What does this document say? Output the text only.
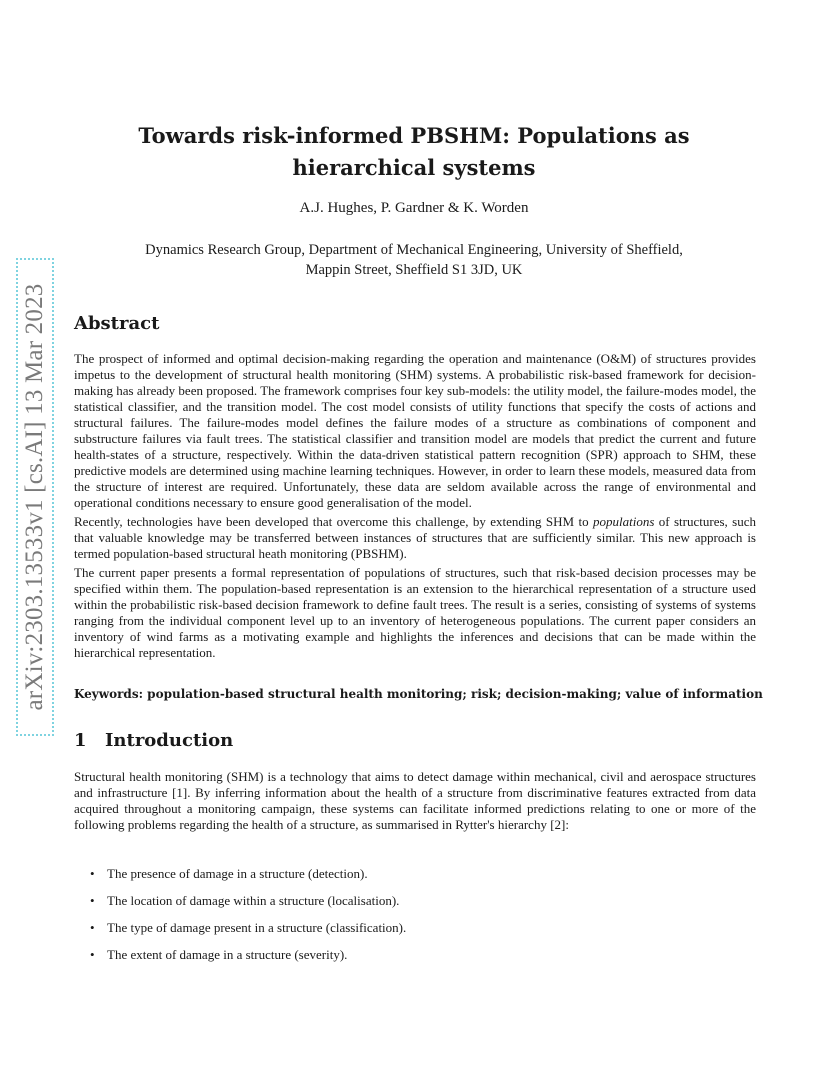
arXiv:2303.13533v1 [cs.AI] 13 Mar 2023
Towards risk-informed PBSHM: Populations as hierarchical systems

A.J. Hughes, P. Gardner & K. Worden

Dynamics Research Group, Department of Mechanical Engineering, University of Sheffield,
Mappin Street, Sheffield S1 3JD, UK

Abstract

The prospect of informed and optimal decision-making regarding the operation and maintenance (O&M) of structures provides impetus to the development of structural health monitoring (SHM) systems. A probabilistic risk-based framework for decision-making has already been proposed. The framework comprises four key sub-models: the utility model, the failure-modes model, the statistical classifier, and the transition model. The cost model consists of utility functions that specify the costs of actions and structural failures. The failure-modes model defines the failure modes of a structure as combinations of component and substructure failures via fault trees. The statistical classifier and transition model are models that predict the current and future health-states of a structure, respectively. Within the data-driven statistical pattern recognition (SPR) approach to SHM, these predictive models are determined using machine learning techniques. However, in order to learn these models, measured data from the structure of interest are required. Unfortunately, these data are seldom available across the range of environmental and operational conditions necessary to ensure good generalisation of the model.

Recently, technologies have been developed that overcome this challenge, by extending SHM to populations of structures, such that valuable knowledge may be transferred between instances of structures that are sufficiently similar. This new approach is termed population-based structural heath monitoring (PBSHM).

The current paper presents a formal representation of populations of structures, such that risk-based decision processes may be specified within them. The population-based representation is an extension to the hierarchical representation of a structure used within the probabilistic risk-based decision framework to define fault trees. The result is a series, consisting of systems of systems ranging from the individual component level up to an inventory of heterogeneous populations. The current paper considers an inventory of wind farms as a motivating example and highlights the inferences and decisions that can be made within the hierarchical representation.

Keywords: population-based structural health monitoring; risk; decision-making; value of information

1 Introduction

Structural health monitoring (SHM) is a technology that aims to detect damage within mechanical, civil and aerospace structures and infrastructure [1]. By inferring information about the health of a structure from discriminative features extracted from data acquired throughout a monitoring campaign, these systems can facilitate informed predictions relating to one or more of the following problems regarding the health of a structure, as summarised in Rytter's hierarchy [2]:

• The presence of damage in a structure (detection).
• The location of damage within a structure (localisation).
• The type of damage present in a structure (classification).
• The extent of damage in a structure (severity).
